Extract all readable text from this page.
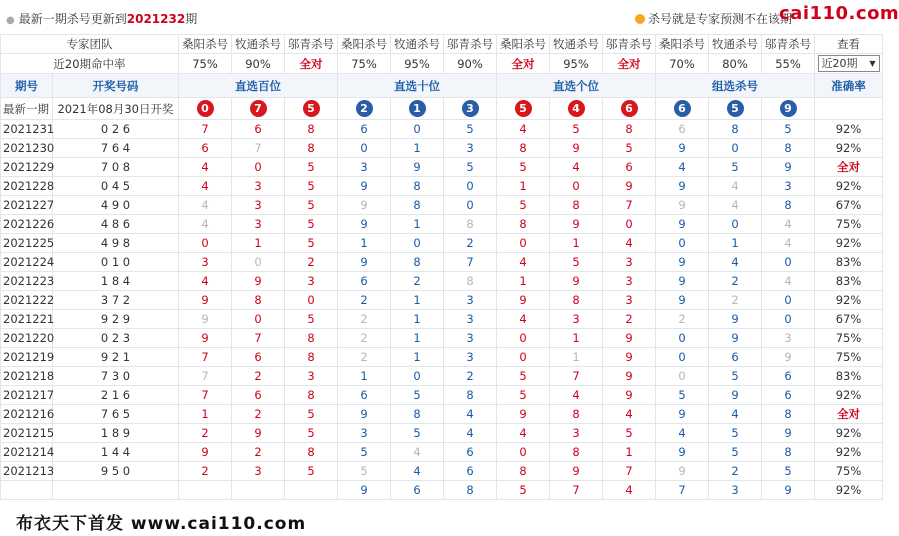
● 最新一期杀号更新到2021232期	杀号就是专家预测不在该期
cai110.com
专家团队		桑阳杀号	牧通杀号	邬青杀号	桑阳杀号	牧通杀号	邬青杀号	桑阳杀号	牧通杀号	邬青杀号	桑阳杀号	牧通杀号	邬青杀号	查看
近20期命中率		75%	90%	全对	75%	95%	90%	全对	95%	全对	70%	80%	55%	近20期 ▼

期号	开奖号码	直选百位			直选十位			直选个位			组选杀号			准确率
最新一期	2021年08月30日开奖	0	7	5	2	1	3	5	4	6	6	5	9	
2021231	0 2 6	7	6	8	6	0	5	4	5	8	6	8	5	92%
2021230	7 6 4	6	7	8	0	1	3	8	9	5	9	0	8	92%
2021229	7 0 8	4	0	5	3	9	5	5	4	6	4	5	9	全对
2021228	0 4 5	4	3	5	9	8	0	1	0	9	9	4	3	92%
2021227	4 9 0	4	3	5	9	8	0	5	8	7	9	4	8	67%
2021226	4 8 6	4	3	5	9	1	8	8	9	0	9	0	4	75%
2021225	4 9 8	0	1	5	1	0	2	0	1	4	0	1	4	92%
2021224	0 1 0	3	0	2	9	8	7	4	5	3	9	4	0	83%
2021223	1 8 4	4	9	3	6	2	8	1	9	3	9	2	4	83%
2021222	3 7 2	9	8	0	2	1	3	9	8	3	9	2	0	92%
2021221	9 2 9	9	0	5	2	1	3	4	3	2	2	9	0	67%
2021220	0 2 3	9	7	8	2	1	3	0	1	9	0	9	3	75%
2021219	9 2 1	7	6	8	2	1	3	0	1	9	0	6	9	75%
2021218	7 3 0	7	2	3	1	0	2	5	7	9	0	5	6	83%
2021217	2 1 6	7	6	8	6	5	8	5	4	9	5	9	6	92%
2021216	7 6 5	1	2	5	9	8	4	9	8	4	9	4	8	全对
2021215	1 8 9	2	9	5	3	5	4	4	3	5	4	5	9	92%
2021214	1 4 4	9	2	8	5	4	6	0	8	1	9	5	8	92%
2021213	9 5 0	2	3	5	5	4	6	8	9	7	9	2	5	75%
					9	6	8	5	7	4	7	3	9	92%
布衣天下首发 www.cai110.com
